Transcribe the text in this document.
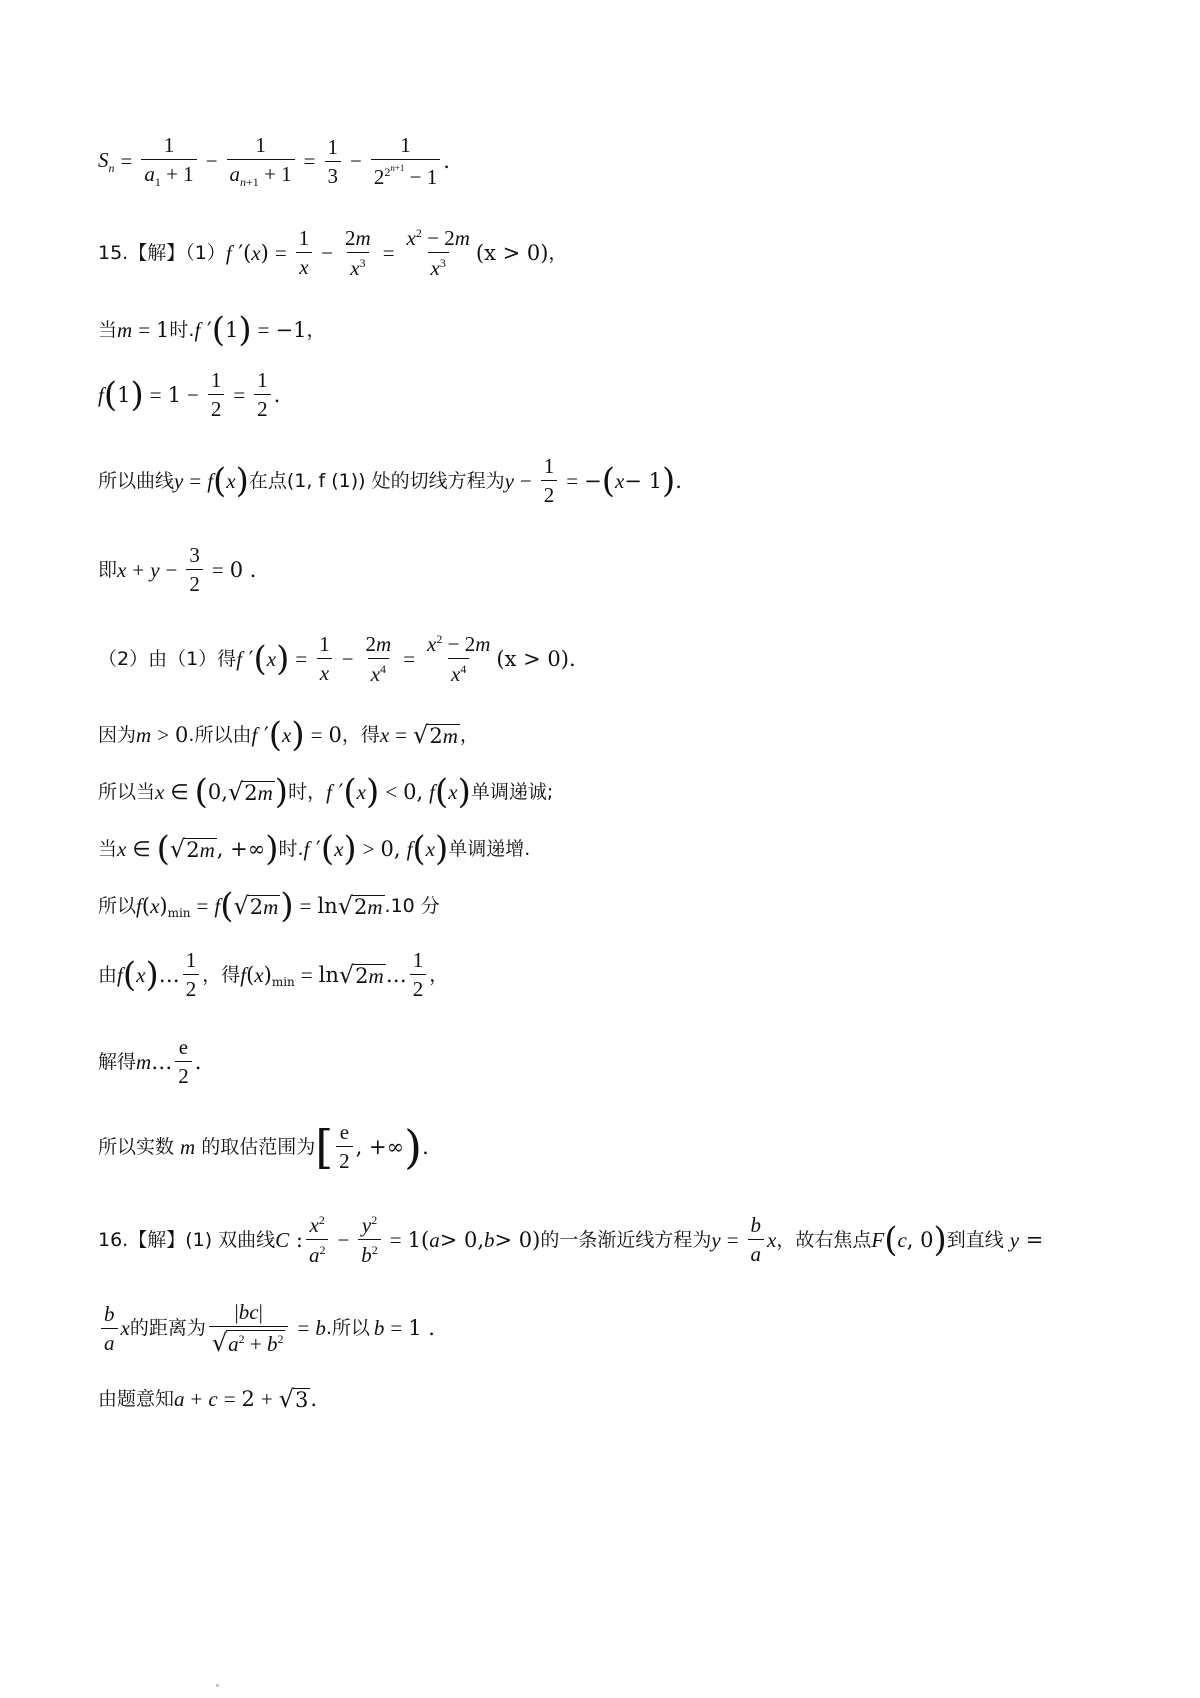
$S_n = \frac{1}{a_1 + 1} - \frac{1}{a_{n+1} + 1} = \frac{1}{3} - \frac{1}{2^{2^{n+1}} - 1}$ .
15.【解】（1） f ′( x ) = $\frac{1}{x} - \frac{2m}{x^3} = \frac{x^2 - 2m}{x^3} (x > 0)$ ，
当 m = 1 时. f ′ ( 1 ) = −1 ，
f ( 1 ) = $1 - \frac{1}{2} = \frac{1}{2}$ .
所以曲线 y = f ( x ) 在点(1, f (1)) 处的切线方程为 $y - \frac{1}{2}$ = − ( x − 1 ) .
即 $x + y - \frac{3}{2} = 0$ .
（2）由（1）得 f ′ ( x ) = $\frac{1}{x} - \frac{2m}{x^4} = \frac{x^2 - 2m}{x^4} (x > 0)$ .
因为 m > 0 .所以由 f ′ ( x ) = 0 ，得 x = √ 2m ，
所以当 x ∈ ( 0, √ 2m ) 时， f ′ ( x ) < 0, f ( x ) 单调递诚;
当 x ∈ ( √ 2m , +∞ ) 时. f ′ ( x ) > 0, f ( x ) 单调递增.
所以 f ( x )$_{min} = f$ ( √ 2m ) = ln √ 2m .10 分
由 f ( x ) … $\frac{1}{2}$ ，得 f ( x )$_{min} = \ln$ √ 2m … $\frac{1}{2}$ ，
解得 m … $\frac{e}{2}$ .
所以实数 m 的取估范围为 [ $\frac{e}{2}$ , +∞ ) .
16.【解】(1) 双曲线 C : $\frac{x^2}{a^2} - \frac{y^2}{b^2} = 1$( a > 0, b > 0) 的一条渐近线方程为 $y = \frac{b}{a}$ x ，故右焦点 F ( c , 0 ) 到直线 y =
$\frac{b}{a}$ x 的距离为 $\frac{|bc|}{√a^2 + b^2} = b$ .所以 b = 1 .
由题意知 a + c = 2 + √ 3 .
